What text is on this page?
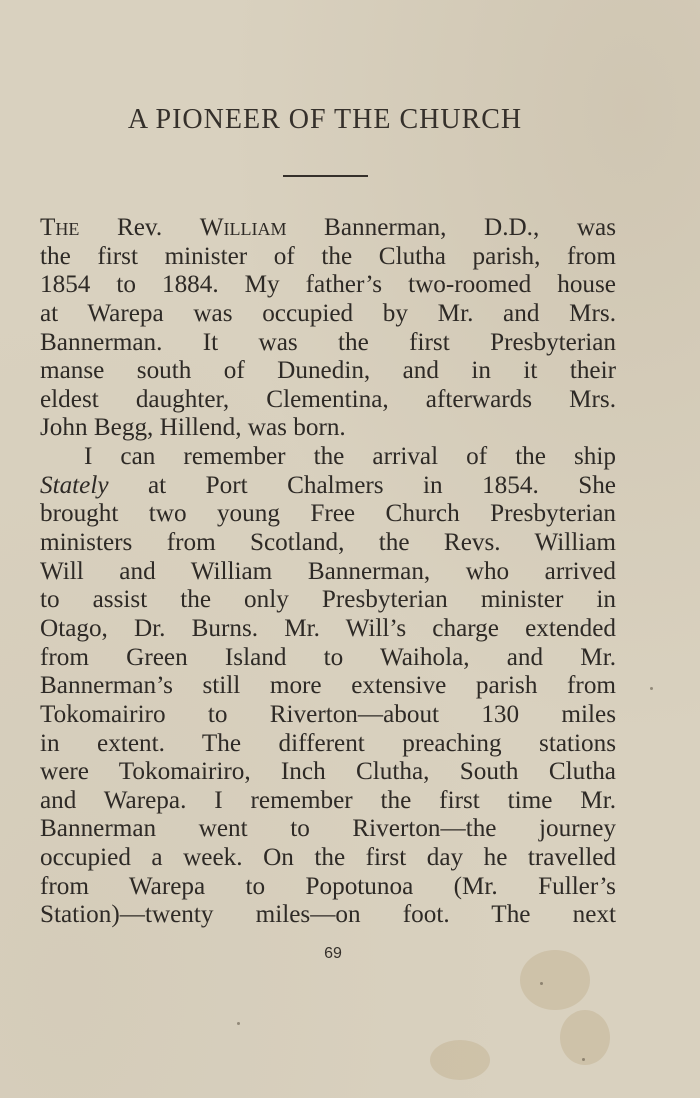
A PIONEER OF THE CHURCH
The Rev. William Bannerman, D.D., was
the first minister of the Clutha parish, from
1854 to 1884. My father’s two-roomed house
at Warepa was occupied by Mr. and Mrs.
Bannerman. It was the first Presbyterian
manse south of Dunedin, and in it their
eldest daughter, Clementina, afterwards Mrs.
John Begg, Hillend, was born.
I can remember the arrival of the ship
Stately at Port Chalmers in 1854. She
brought two young Free Church Presbyterian
ministers from Scotland, the Revs. William
Will and William Bannerman, who arrived
to assist the only Presbyterian minister in
Otago, Dr. Burns. Mr. Will’s charge extended
from Green Island to Waihola, and Mr.
Bannerman’s still more extensive parish from
Tokomairiro to Riverton—about 130 miles
in extent. The different preaching stations
were Tokomairiro, Inch Clutha, South Clutha
and Warepa. I remember the first time Mr.
Bannerman went to Riverton—the journey
occupied a week. On the first day he travelled
from Warepa to Popotunoa (Mr. Fuller’s
Station)—twenty miles—on foot. The next
69
